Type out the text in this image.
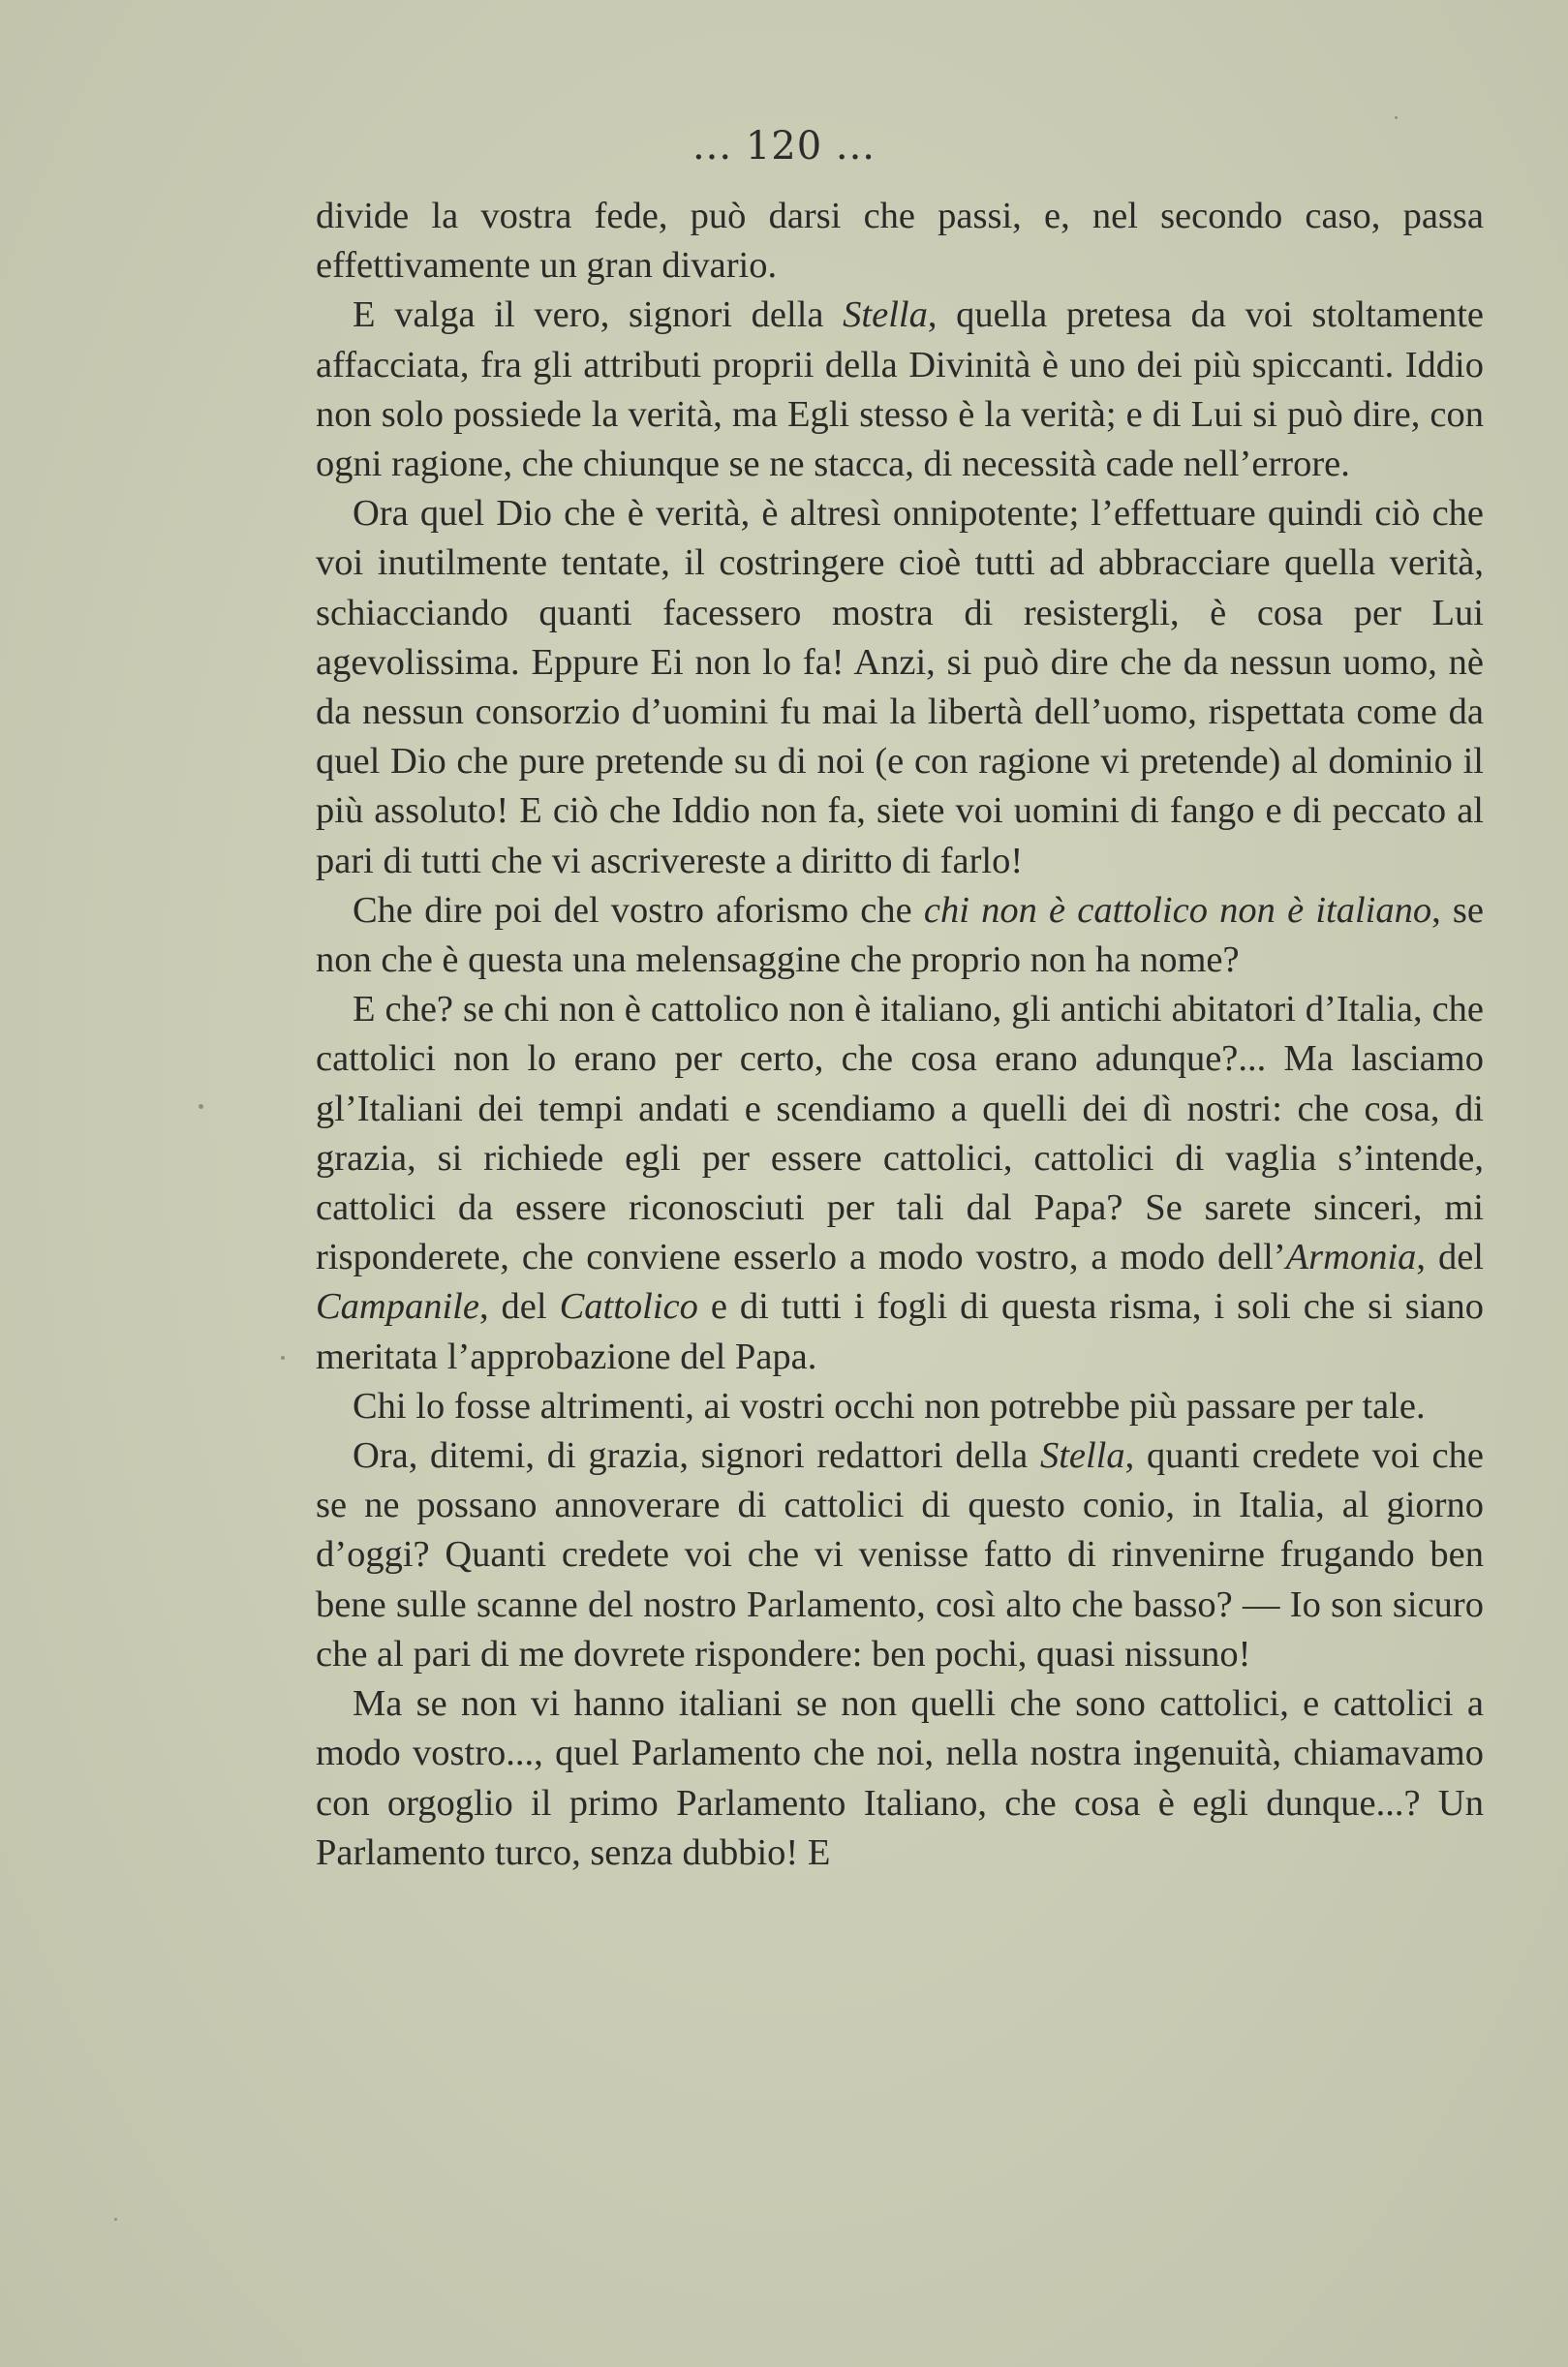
... 120 ...

divide la vostra fede, può darsi che passi, e, nel secondo caso, passa effettivamente un gran divario.

E valga il vero, signori della Stella, quella pretesa da voi stoltamente affacciata, fra gli attributi proprii della Divinità è uno dei più spiccanti. Iddio non solo possiede la verità, ma Egli stesso è la verità; e di Lui si può dire, con ogni ragione, che chiunque se ne stacca, di necessità cade nell’errore.

Ora quel Dio che è verità, è altresì onnipotente; l’effettuare quindi ciò che voi inutilmente tentate, il costringere cioè tutti ad abbracciare quella verità, schiacciando quanti facessero mostra di resistergli, è cosa per Lui agevolissima. Eppure Ei non lo fa! Anzi, si può dire che da nessun uomo, nè da nessun consorzio d’uomini fu mai la libertà dell’uomo, rispettata come da quel Dio che pure pretende su di noi (e con ragione vi pretende) al dominio il più assoluto! E ciò che Iddio non fa, siete voi uomini di fango e di peccato al pari di tutti che vi ascrivereste a diritto di farlo!

Che dire poi del vostro aforismo che chi non è cattolico non è italiano, se non che è questa una melensaggine che proprio non ha nome?

E che? se chi non è cattolico non è italiano, gli antichi abitatori d’Italia, che cattolici non lo erano per certo, che cosa erano adunque?... Ma lasciamo gl’Italiani dei tempi andati e scendiamo a quelli dei dì nostri: che cosa, di grazia, si richiede egli per essere cattolici, cattolici di vaglia s’intende, cattolici da essere riconosciuti per tali dal Papa? Se sarete sinceri, mi risponderete, che conviene esserlo a modo vostro, a modo dell’Armonia, del Campanile, del Cattolico e di tutti i fogli di questa risma, i soli che si siano meritata l’approbazione del Papa.

Chi lo fosse altrimenti, ai vostri occhi non potrebbe più passare per tale.

Ora, ditemi, di grazia, signori redattori della Stella, quanti credete voi che se ne possano annoverare di cattolici di questo conio, in Italia, al giorno d’oggi? Quanti credete voi che vi venisse fatto di rinvenirne frugando ben bene sulle scanne del nostro Parlamento, così alto che basso? — Io son sicuro che al pari di me dovrete rispondere: ben pochi, quasi nissuno!

Ma se non vi hanno italiani se non quelli che sono cattolici, e cattolici a modo vostro..., quel Parlamento che noi, nella nostra ingenuità, chiamavamo con orgoglio il primo Parlamento Italiano, che cosa è egli dunque...? Un Parlamento turco, senza dubbio! E
